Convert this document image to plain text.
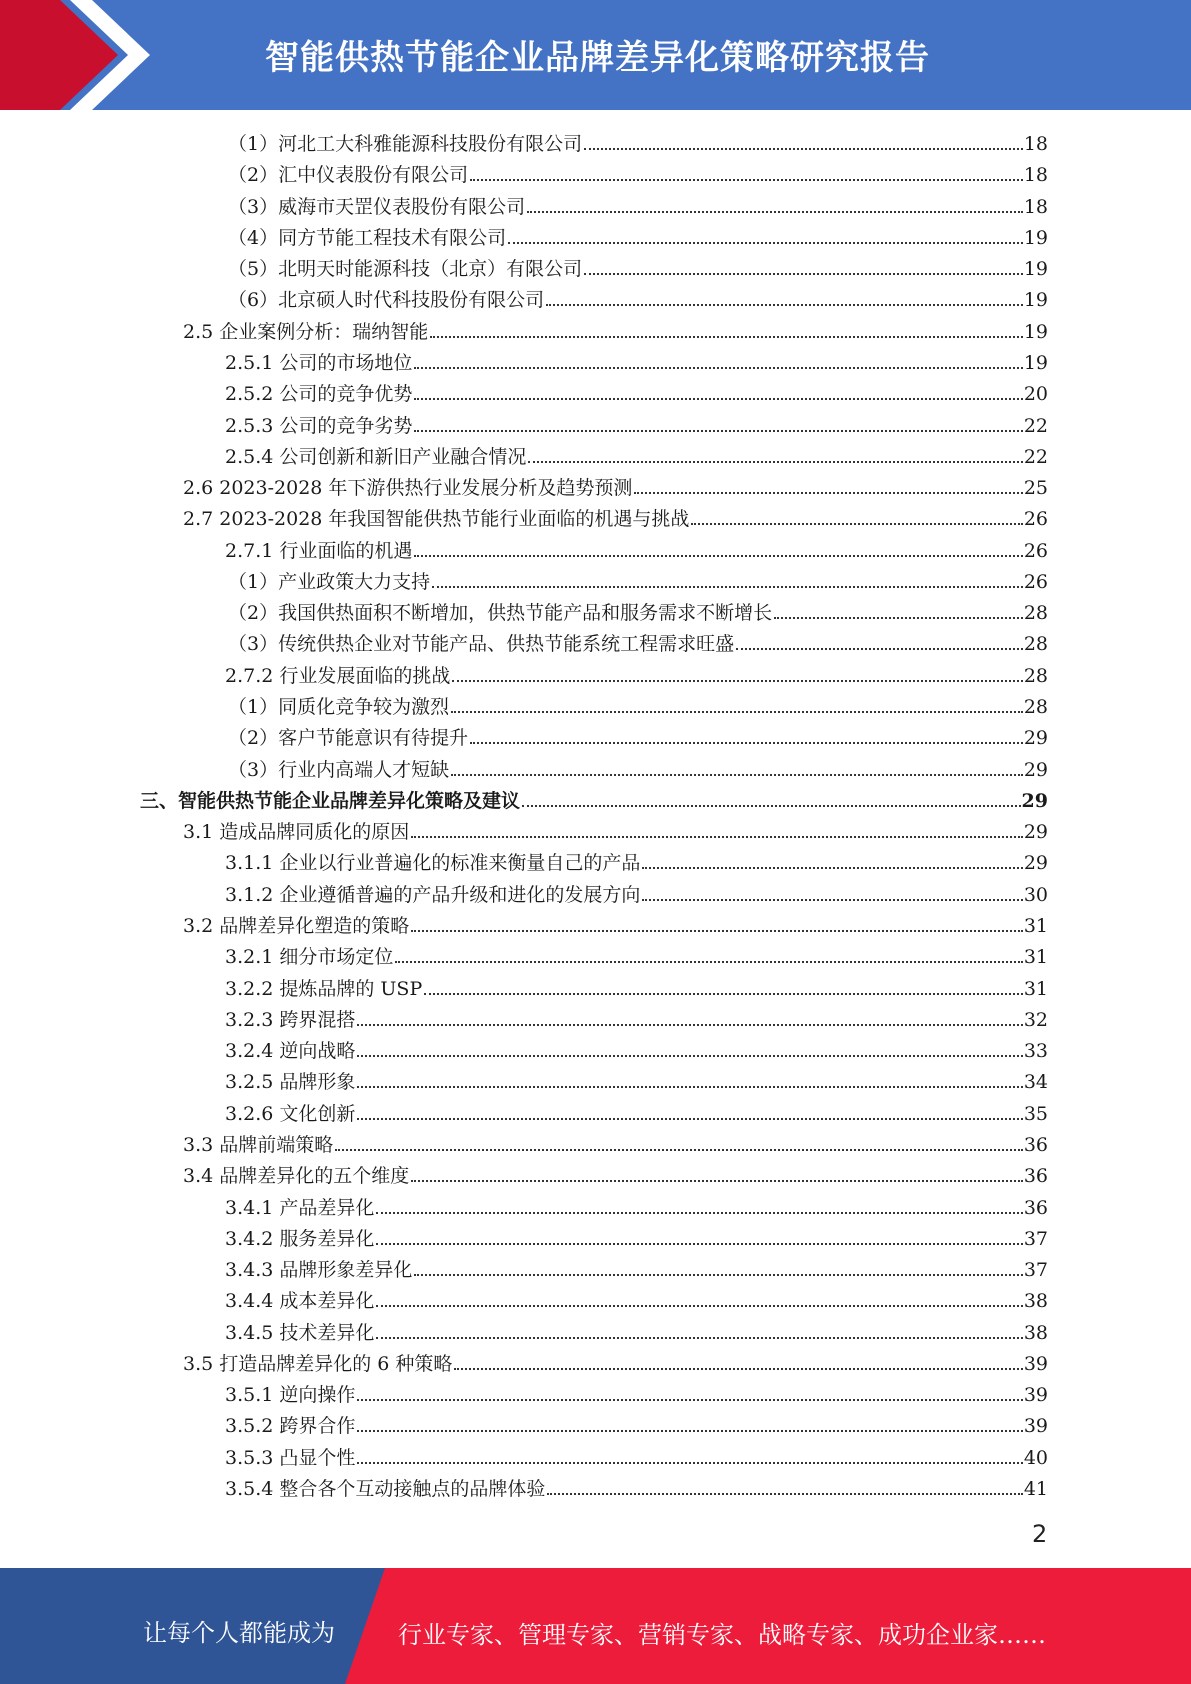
智能供热节能企业品牌差异化策略研究报告
（1）河北工大科雅能源科技股份有限公司	18
（2）汇中仪表股份有限公司	18
（3）威海市天罡仪表股份有限公司	18
（4）同方节能工程技术有限公司	19
（5）北明天时能源科技（北京）有限公司	19
（6）北京硕人时代科技股份有限公司	19
2.5 企业案例分析：瑞纳智能	19
2.5.1 公司的市场地位	19
2.5.2 公司的竞争优势	20
2.5.3 公司的竞争劣势	22
2.5.4 公司创新和新旧产业融合情况	22
2.6 2023-2028 年下游供热行业发展分析及趋势预测	25
2.7 2023-2028 年我国智能供热节能行业面临的机遇与挑战	26
2.7.1 行业面临的机遇	26
（1）产业政策大力支持	26
（2）我国供热面积不断增加，供热节能产品和服务需求不断增长	28
（3）传统供热企业对节能产品、供热节能系统工程需求旺盛	28
2.7.2 行业发展面临的挑战	28
（1）同质化竞争较为激烈	28
（2）客户节能意识有待提升	29
（3）行业内高端人才短缺	29
三、智能供热节能企业品牌差异化策略及建议	29
3.1 造成品牌同质化的原因	29
3.1.1 企业以行业普遍化的标准来衡量自己的产品	29
3.1.2 企业遵循普遍的产品升级和进化的发展方向	30
3.2 品牌差异化塑造的策略	31
3.2.1 细分市场定位	31
3.2.2 提炼品牌的 USP	31
3.2.3 跨界混搭	32
3.2.4 逆向战略	33
3.2.5 品牌形象	34
3.2.6 文化创新	35
3.3 品牌前端策略	36
3.4 品牌差异化的五个维度	36
3.4.1 产品差异化	36
3.4.2 服务差异化	37
3.4.3 品牌形象差异化	37
3.4.4 成本差异化	38
3.4.5 技术差异化	38
3.5 打造品牌差异化的 6 种策略	39
3.5.1 逆向操作	39
3.5.2 跨界合作	39
3.5.3 凸显个性	40
3.5.4 整合各个互动接触点的品牌体验	41
2
让每个人都能成为	行业专家、管理专家、营销专家、战略专家、成功企业家……
